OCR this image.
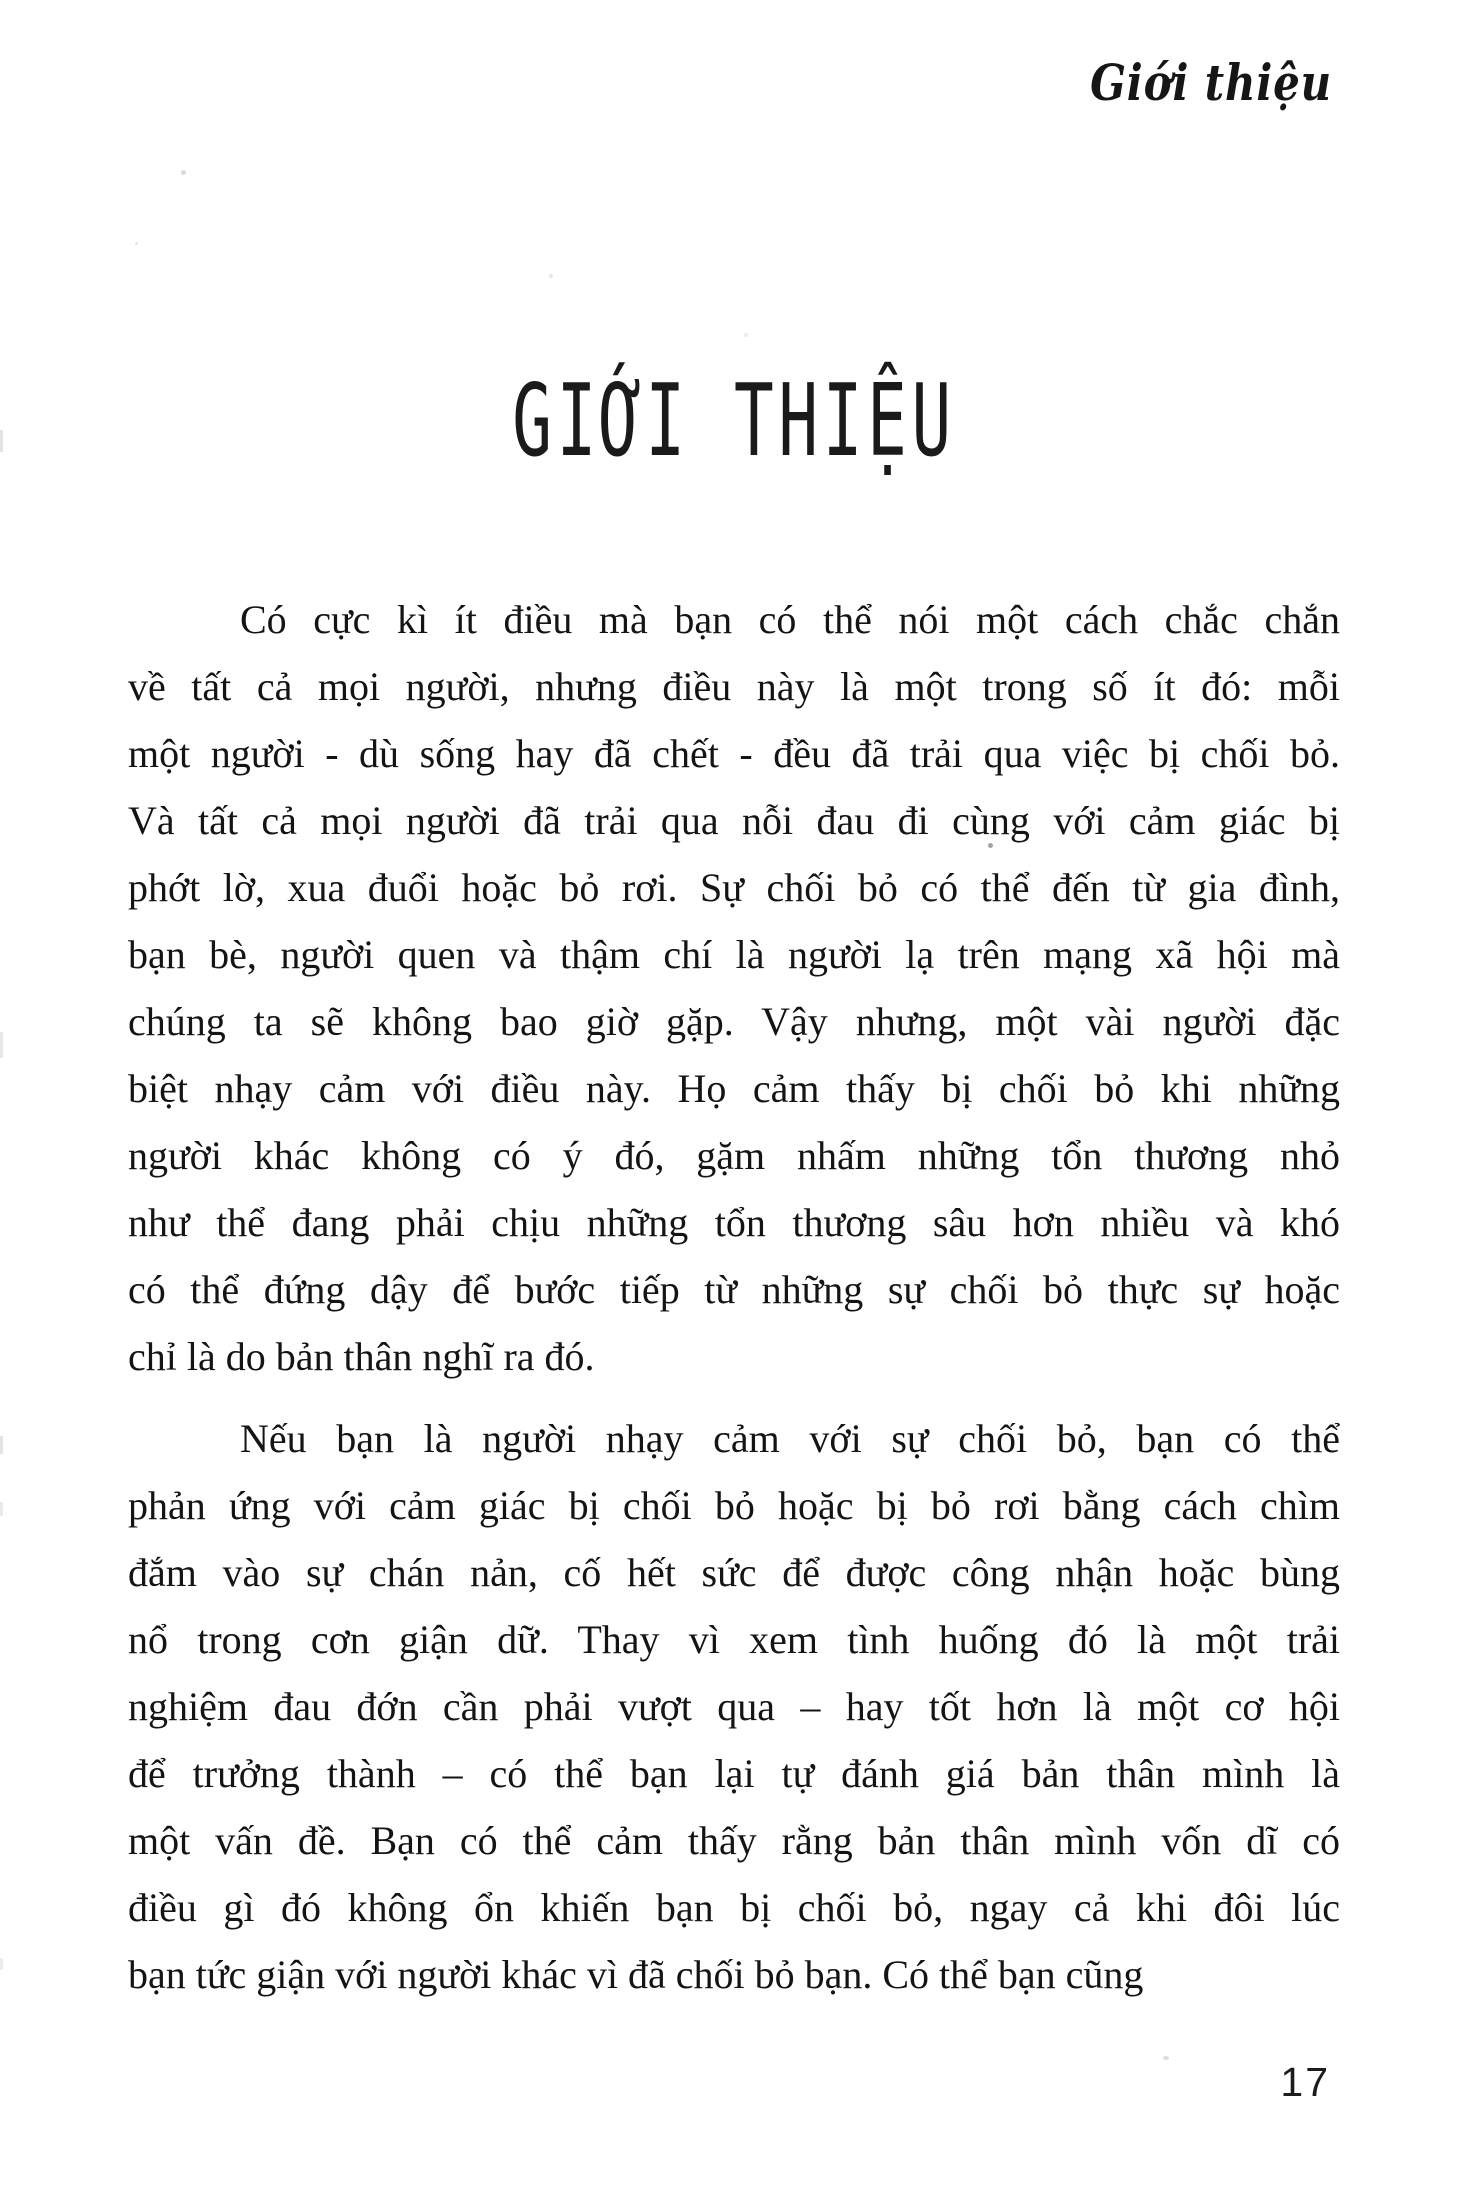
Giới thiệu
GIỚI THIỆU
Có cực kì ít điều mà bạn có thể nói một cách chắc chắn
về tất cả mọi người, nhưng điều này là một trong số ít đó: mỗi
một người - dù sống hay đã chết - đều đã trải qua việc bị chối bỏ.
Và tất cả mọi người đã trải qua nỗi đau đi cùng với cảm giác bị
phớt lờ, xua đuổi hoặc bỏ rơi. Sự chối bỏ có thể đến từ gia đình,
bạn bè, người quen và thậm chí là người lạ trên mạng xã hội mà
chúng ta sẽ không bao giờ gặp. Vậy nhưng, một vài người đặc
biệt nhạy cảm với điều này. Họ cảm thấy bị chối bỏ khi những
người khác không có ý đó, gặm nhấm những tổn thương nhỏ
như thể đang phải chịu những tổn thương sâu hơn nhiều và khó
có thể đứng dậy để bước tiếp từ những sự chối bỏ thực sự hoặc
chỉ là do bản thân nghĩ ra đó.
Nếu bạn là người nhạy cảm với sự chối bỏ, bạn có thể
phản ứng với cảm giác bị chối bỏ hoặc bị bỏ rơi bằng cách chìm
đắm vào sự chán nản, cố hết sức để được công nhận hoặc bùng
nổ trong cơn giận dữ. Thay vì xem tình huống đó là một trải
nghiệm đau đớn cần phải vượt qua – hay tốt hơn là một cơ hội
để trưởng thành – có thể bạn lại tự đánh giá bản thân mình là
một vấn đề. Bạn có thể cảm thấy rằng bản thân mình vốn dĩ có
điều gì đó không ổn khiến bạn bị chối bỏ, ngay cả khi đôi lúc
bạn tức giận với người khác vì đã chối bỏ bạn. Có thể bạn cũng
17
